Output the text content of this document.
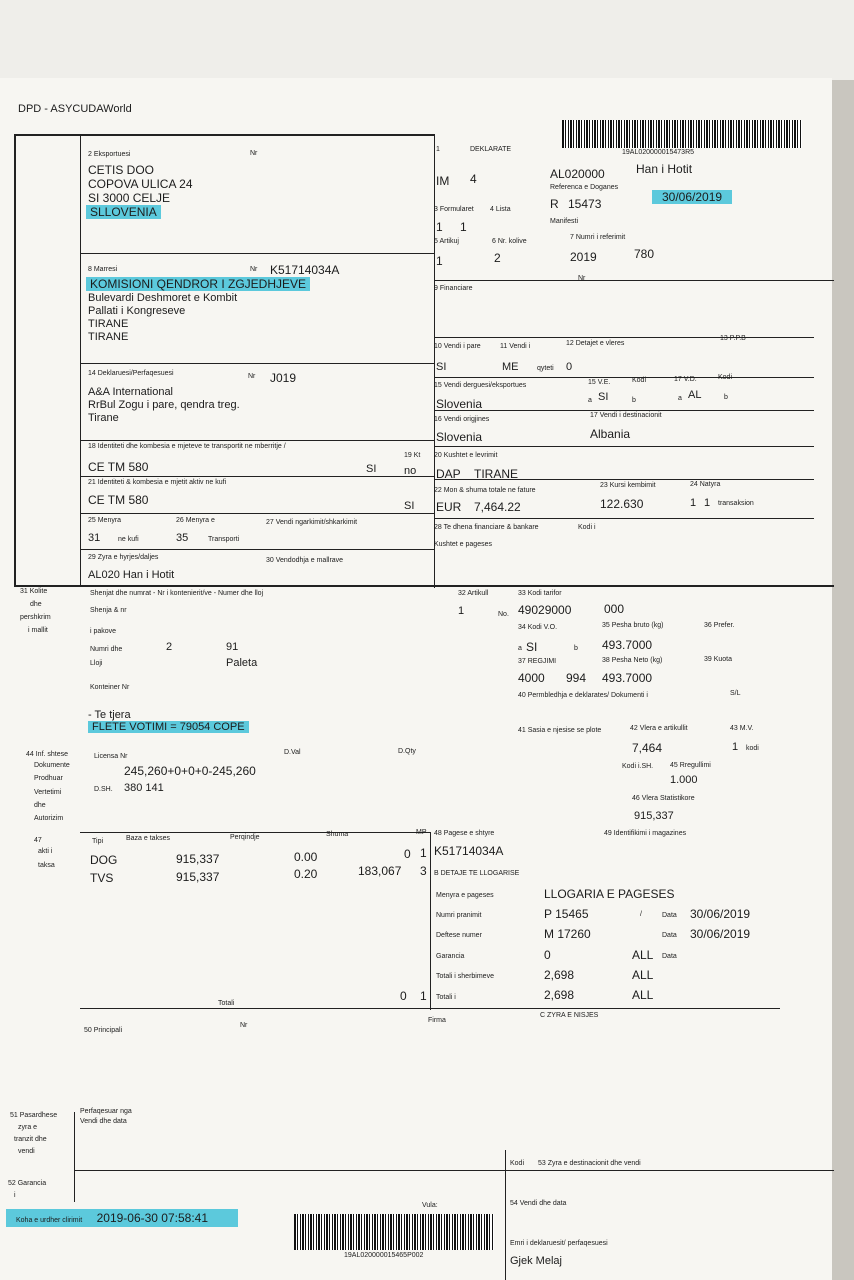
DPD - ASYCUDAWorld
19AL020000015473R5
2 Eksportuesi	Nr
CETIS DOO
COPOVA ULICA 24
SI 3000 CELJE
SLLOVENIA
1	DEKLARATE
IM 4	AL020000	Han i Hotit
Referenca e Doganes
R 15473	30/06/2019
Manifesti
3 Formularet
1 1
4 Lista
5 Artikuj
1
6 Nr. kolive
2
7 Numri i referimit
2019	780
Nr
8 Marresi	Nr K51714034A
KOMISIONI QENDROR I ZGJEDHJEVE
Bulevardi Deshmoret e Kombit
Pallati i Kongreseve
TIRANE
TIRANE
9 Financiare
10 Vendi i pare
SI
11 Vendi i
ME	qyteti 0
12 Detajet e vleres
13 P.P.B
14 Deklaruesi/Perfaqesuesi	Nr J019
A&A International
RrBul Zogu i pare, qendra treg.
Tirane
15 Vendi derguesi/eksportues
Slovenia
15 V.E.	Kodi
a SI	b
17 V.D.	Kodi
a AL	b
16 Vendi origjines
Slovenia
17 Vendi i destinacionit
Albania
18 Identiteti dhe kombesia e mjeteve te transportit ne mberritje /
CE TM 580	SI
19 Kt
no
20 Kushtet e levrimit
DAP TIRANE
21 Identiteti & kombesia e mjetit aktiv ne kufi
CE TM 580	SI
22 Mon & shuma totale ne fature
EUR 7,464.22
23 Kursi kembimit
122.630
24 Natyra
1 1 transaksion
25 Menyra
31	ne kufi
26 Menyra e
35	Transporti
27 Vendi ngarkimit/shkarkimit
28 Te dhena financiare & bankare	Kodi i
Kushtet e pageses
29 Zyra e hyrjes/daljes
AL020 Han i Hotit
30 Vendodhja e mallrave
31 Kolite
dhe
pershkrim
i mallit
Shenjat dhe numrat - Nr i kontenierit/ve - Numer dhe lloj
Shenja & nr
i pakove
Numri dhe	2	91
Lloji	Paleta
Konteiner Nr
- Te tjera
FLETE VOTIMI = 79054 COPE
32 Artikull
1	No.
33 Kodi tarifor
49029000	000
34 Kodi V.O.
a SI	b
35 Pesha bruto (kg)
493.7000
36 Prefer.
37 REGJIMI
4000 994
38 Pesha Neto (kg)
493.7000
39 Kuota
40 Permbledhja e deklarates/ Dokumenti i	S/L
41 Sasia e njesise se plote	42 Vlera e artikullit
7,464
43 M.V.
1 kodi
44 Inf. shtese
Dokumente
Prodhuar
Vertetimi
dhe
Autorizim
Licensa Nr
D.Val	D.Qty
245,260+0+0+0-245,260
D.SH. 380 141
Kodi i.SH. 45 Rregullimi
1.000
46 Vlera Statistikore
915,337
47
akti i
taksa
Tipi	Baza e takses	Perqindje	Shuma	MP
DOG	915,337	0.00	0 1
TVS	915,337	0.20	183,067 3
Totali
0 1
48 Pagese e shtyre
K51714034A
49 Identifikimi i magazines
B DETAJE TE LLOGARISE
Menyra e pageses	LLOGARIA E PAGESES
Numri pranimit	P 15465	/	Data 30/06/2019
Deftese numer	M 17260	Data 30/06/2019
Garancia	0	ALL Data
Totali i sherbimeve	2,698	ALL
Totali i	2,698	ALL
50 Principali
Nr
Firma
C ZYRA E NISJES
51 Pasardhese
zyra e
tranzit dhe
vendi
Perfaqesuar nga
Vendi dhe data
52 Garancia
i
Kodi 53 Zyra e destinacionit dhe vendi
54 Vendi dhe data
Emri i deklaruesit/ perfaqesuesi
Gjek Melaj
Koha e urdher clirimit 2019-06-30 07:58:41
Vula:
19AL020000015465P002
